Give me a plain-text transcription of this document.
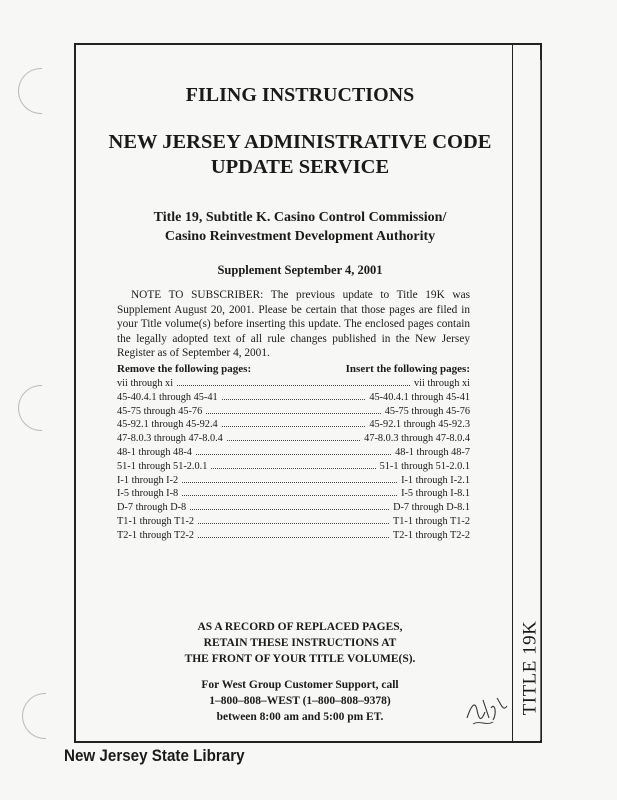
TITLE 19K
FILING INSTRUCTIONS
NEW JERSEY ADMINISTRATIVE CODE
UPDATE SERVICE
Title 19, Subtitle K. Casino Control Commission/
Casino Reinvestment Development Authority
Supplement September 4, 2001
NOTE TO SUBSCRIBER: The previous update to Title 19K was Supplement August 20, 2001. Please be certain that those pages are filed in your Title volume(s) before inserting this update. The enclosed pages contain the legally adopted text of all rule changes published in the New Jersey Register as of September 4, 2001.
Remove the following pages:	Insert the following pages:
vii through xi	vii through xi
45-40.4.1 through 45-41	45-40.4.1 through 45-41
45-75 through 45-76	45-75 through 45-76
45-92.1 through 45-92.4	45-92.1 through 45-92.3
47-8.0.3 through 47-8.0.4	47-8.0.3 through 47-8.0.4
48-1 through 48-4	48-1 through 48-7
51-1 through 51-2.0.1	51-1 through 51-2.0.1
I-1 through I-2	I-1 through I-2.1
I-5 through I-8	I-5 through I-8.1
D-7 through D-8	D-7 through D-8.1
T1-1 through T1-2	T1-1 through T1-2
T2-1 through T2-2	T2-1 through T2-2
AS A RECORD OF REPLACED PAGES,
RETAIN THESE INSTRUCTIONS AT
THE FRONT OF YOUR TITLE VOLUME(S).
For West Group Customer Support, call
1–800–808–WEST (1–800–808–9378)
between 8:00 am and 5:00 pm ET.
New Jersey State Library
